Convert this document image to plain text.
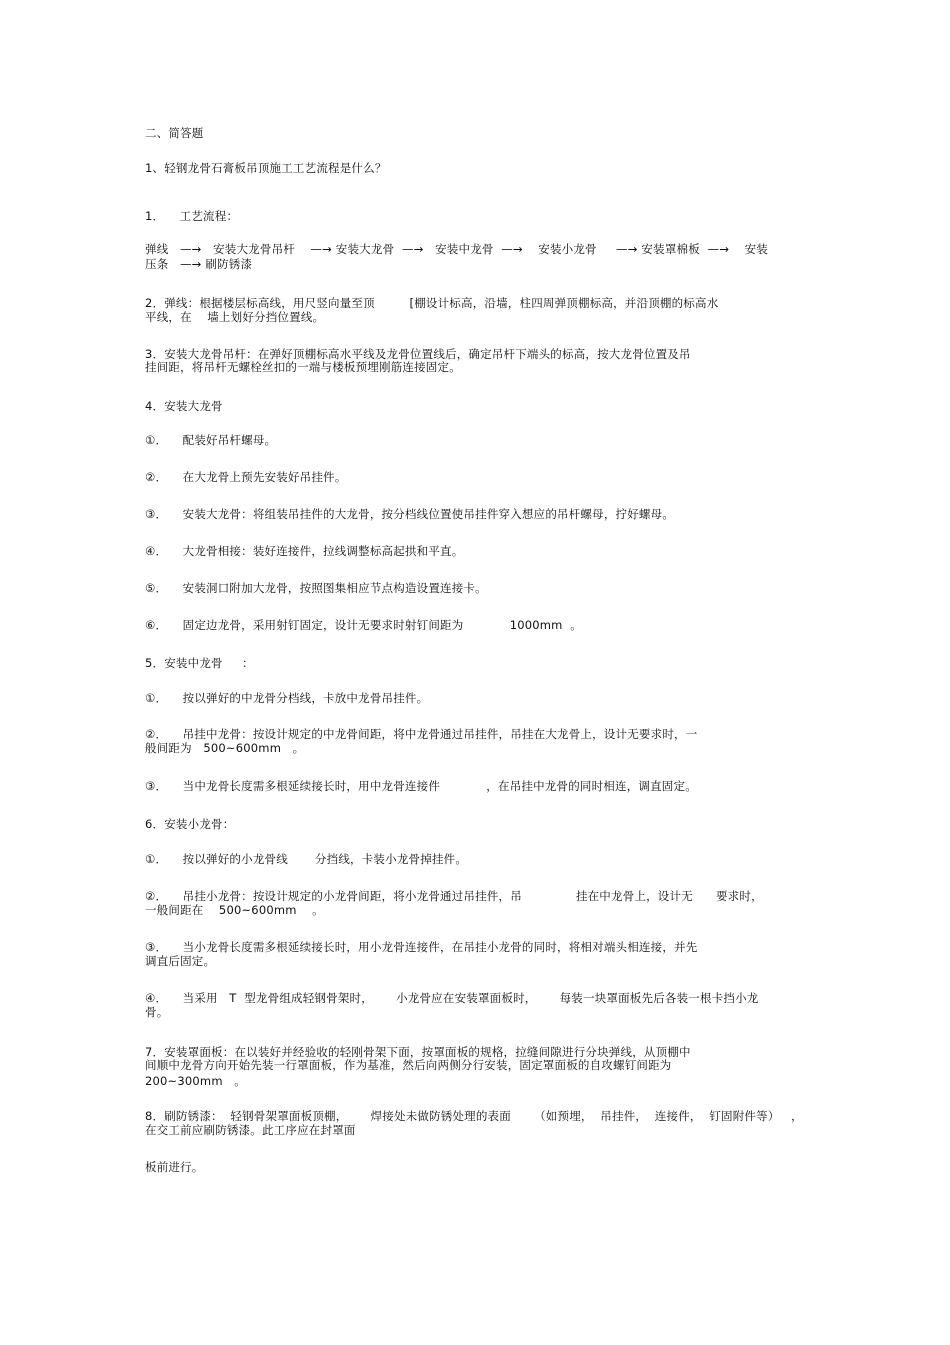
二、简答题
1、轻钢龙骨石膏板吊顶施工工艺流程是什么？
1．    工艺流程：
弹线   —→   安装大龙骨吊杆    —→ 安装大龙骨  —→   安装中龙骨  —→    安装小龙骨     —→ 安装罩棉板  —→    安装
压条   —→ 刷防锈漆
2．弹线：根据楼层标高线，用尺竖向量至顶         [棚设计标高，沿墙，柱四周弹顶棚标高，并沿顶棚的标高水
平线，在    墙上划好分挡位置线。
3．安装大龙骨吊杆：在弹好顶棚标高水平线及龙骨位置线后，确定吊杆下端头的标高，按大龙骨位置及吊
挂间距，将吊杆无螺栓丝扣的一端与楼板预埋刚筋连接固定。
4．安装大龙骨
①．    配装好吊杆螺母。
②．    在大龙骨上预先安装好吊挂件。
③．    安装大龙骨：将组装吊挂件的大龙骨，按分档线位置使吊挂件穿入想应的吊杆螺母，拧好螺母。
④．    大龙骨相接：装好连接件，拉线调整标高起拱和平直。
⑤．    安装洞口附加大龙骨，按照图集相应节点构造设置连接卡。
⑥．    固定边龙骨，采用射钉固定，设计无要求时射钉间距为            1000mm  。
5．安装中龙骨     ：
①．    按以弹好的中龙骨分档线，卡放中龙骨吊挂件。
②．    吊挂中龙骨：按设计规定的中龙骨间距，将中龙骨通过吊挂件，吊挂在大龙骨上，设计无要求时，一
般间距为   500~600mm   。
③．    当中龙骨长度需多根延续接长时，用中龙骨连接件            ，在吊挂中龙骨的同时相连，调直固定。
6．安装小龙骨：
①．    按以弹好的小龙骨线       分挡线，卡装小龙骨掉挂件。
②．    吊挂小龙骨：按设计规定的小龙骨间距，将小龙骨通过吊挂件，吊              挂在中龙骨上，设计无      要求时，
一般间距在    500~600mm    。
③．    当小龙骨长度需多根延续接长时，用小龙骨连接件，在吊挂小龙骨的同时，将相对端头相连接，并先
调直后固定。
④．    当采用   T  型龙骨组成轻钢骨架时，      小龙骨应在安装罩面板时，      每装一块罩面板先后各装一根卡挡小龙
骨。
7．安装罩面板：在以装好并经验收的轻刚骨架下面，按罩面板的规格，拉缝间隙进行分块弹线，从顶棚中
间顺中龙骨方向开始先装一行罩面板，作为基准，然后向两侧分行安装，固定罩面板的自攻螺钉间距为
200~300mm   。
8．刷防锈漆：  轻钢骨架罩面板顶棚，      焊接处未做防锈处理的表面      （如预埋，  吊挂件，  连接件，  钉固附件等）   ，
在交工前应刷防锈漆。此工序应在封罩面
板前进行。
